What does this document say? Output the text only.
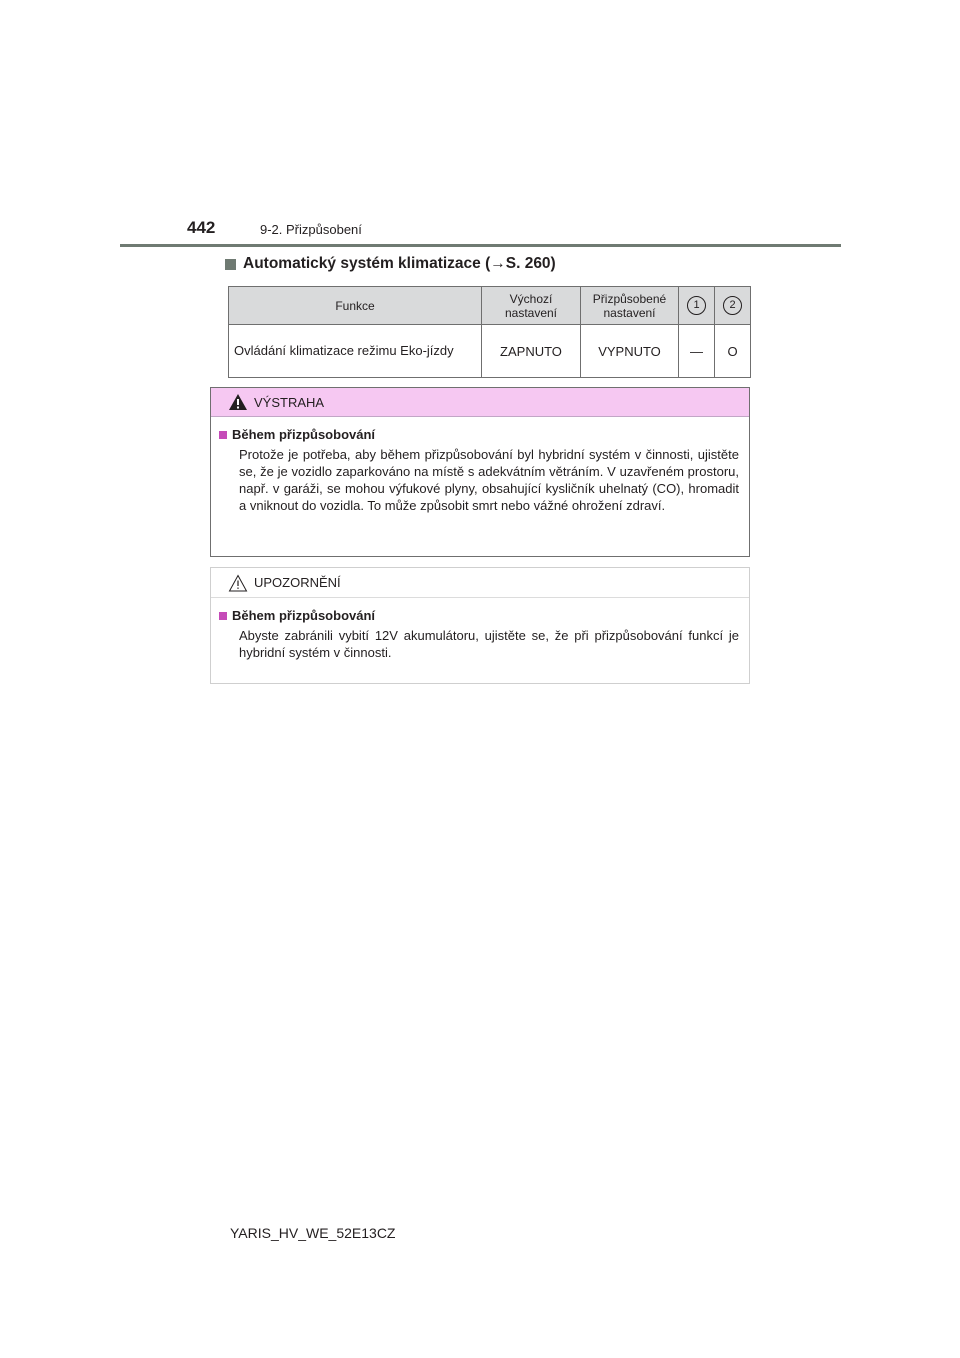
442	9-2. Přizpůsobení
Automatický systém klimatizace (→S. 260)
Funkce	Výchozí nastavení	Přizpůsobené nastavení	1	2
Ovládání klimatizace režimu Eko-jízdy	ZAPNUTO	VYPNUTO	—	O
VÝSTRAHA
Během přizpůsobování

Protože je potřeba, aby během přizpůsobování byl hybridní systém v činnosti, ujistěte se, že je vozidlo zaparkováno na místě s adekvátním větráním. V uzavřeném prostoru, např. v garáži, se mohou výfukové plyny, obsahující kysličník uhelnatý (CO), hromadit a vniknout do vozidla. To může způsobit smrt nebo vážné ohrožení zdraví.

UPOZORNĚNÍ
Během přizpůsobování

Abyste zabránili vybití 12V akumulátoru, ujistěte se, že při přizpůsobování funkcí je hybridní systém v činnosti.

YARIS_HV_WE_52E13CZ
